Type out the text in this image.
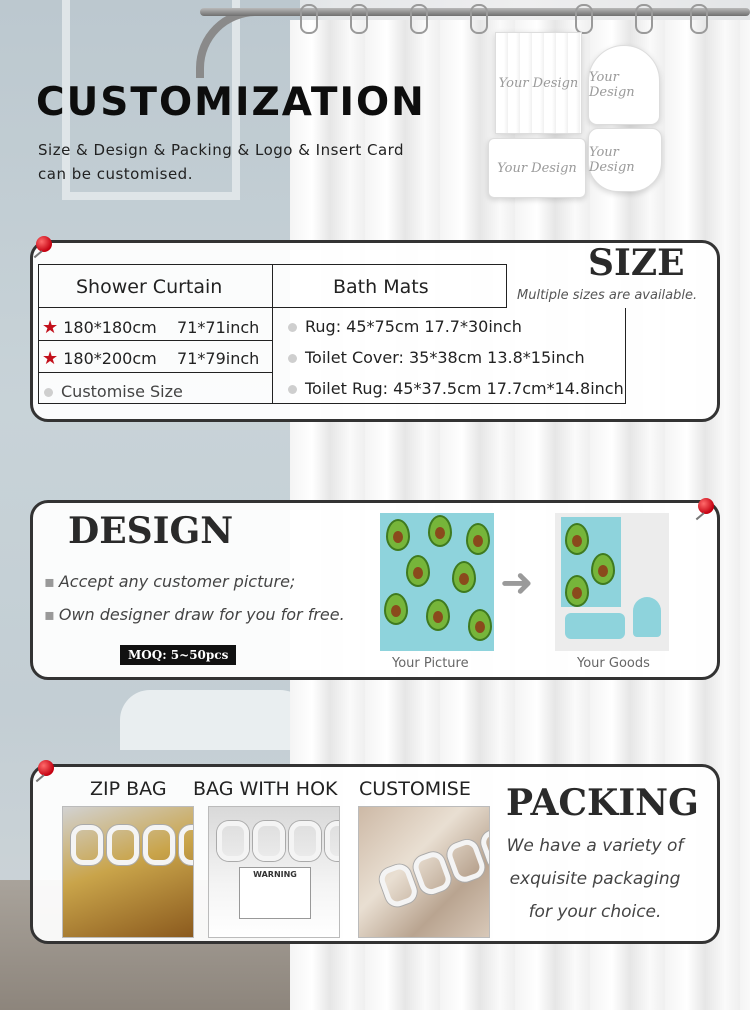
CUSTOMIZATION
Size & Design & Packing & Logo & Insert Card
can be customised.
Your Design Your Design
Your Design
Your Design
SIZE
Multiple sizes are available.
Shower Curtain	Bath Mats
★ 180*180cm    71*71inch
★ 180*200cm    71*79inch
Customise Size
Rug: 45*75cm 17.7*30inch
Toilet Cover: 35*38cm 13.8*15inch
Toilet Rug: 45*37.5cm 17.7cm*14.8inch
DESIGN
▪ Accept any customer picture;
▪ Own designer draw for you for free.
MOQ: 5~50pcs
➜
Your Picture	Your Goods
ZIP BAG BAG WITH HOK CUSTOMISE
WARNING
PACKING
We have a variety of
exquisite packaging
for your choice.
